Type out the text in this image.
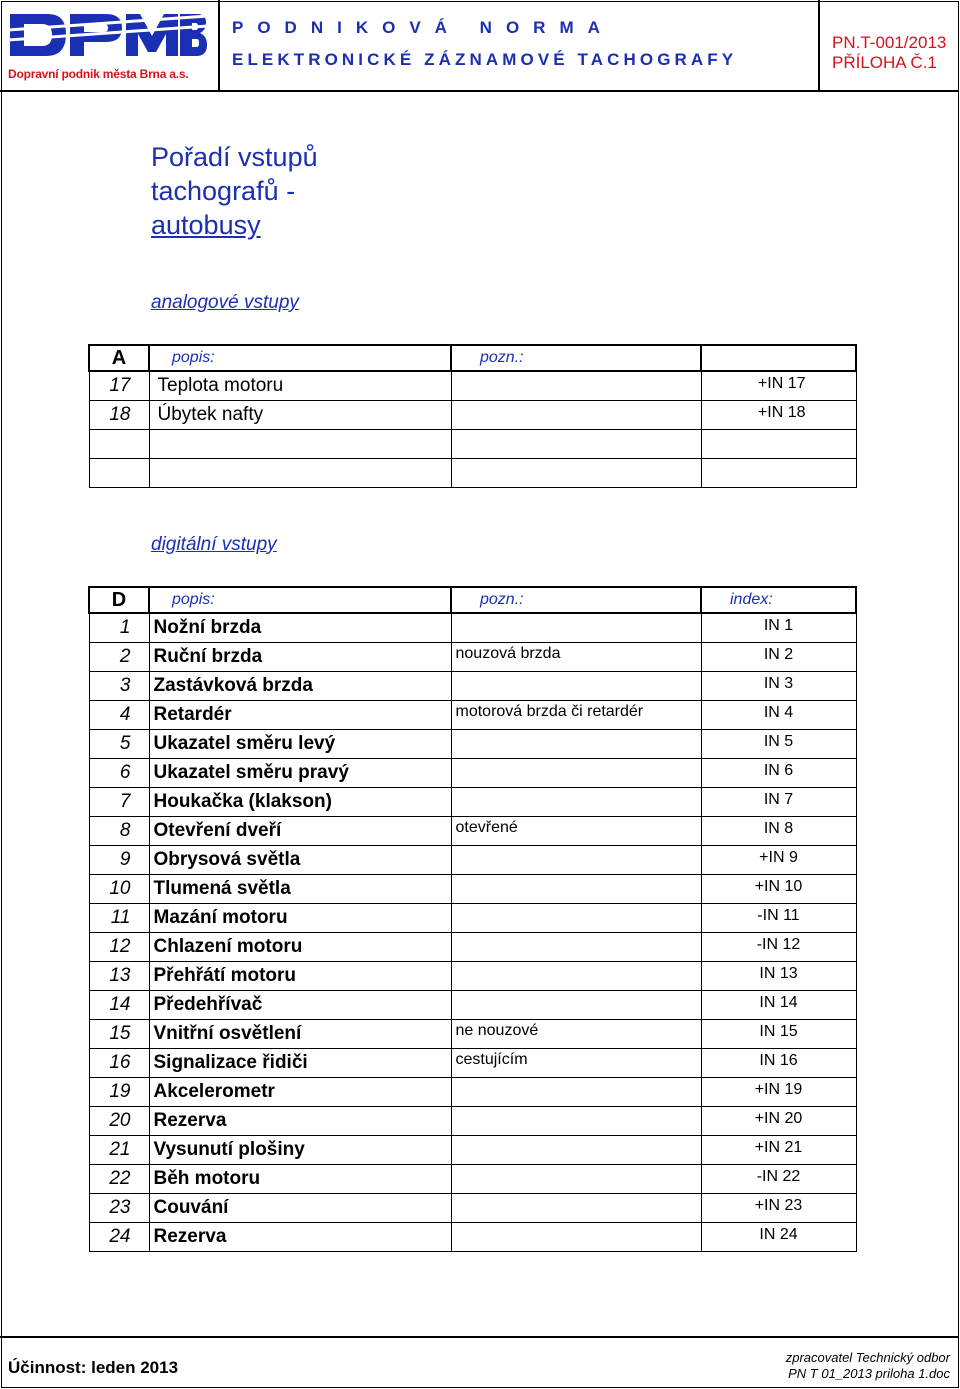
Dopravní podnik města Brna a.s.
PODNIKOVÁ NORMA
ELEKTRONICKÉ ZÁZNAMOVÉ TACHOGRAFY
PN.T-001/2013
PŘÍLOHA Č.1
Pořadí vstupů
tachografů -
autobusy
analogové vstupy
A	popis:	pozn.:	
17	Teplota motoru		+IN 17
18	Úbytek nafty		+IN 18

digitální vstupy
D	popis:	pozn.:	index:
1	Nožní brzda		IN 1
2	Ruční brzda	nouzová brzda	IN 2
3	Zastávková brzda		IN 3
4	Retardér	motorová brzda či retardér	IN 4
5	Ukazatel směru levý		IN 5
6	Ukazatel směru pravý		IN 6
7	Houkačka (klakson)		IN 7
8	Otevření dveří	otevřené	IN 8
9	Obrysová světla		+IN 9
10	Tlumená světla		+IN 10
11	Mazání motoru		-IN 11
12	Chlazení motoru		-IN 12
13	Přehřátí motoru		IN 13
14	Předehřívač		IN 14
15	Vnitřní osvětlení	ne nouzové	IN 15
16	Signalizace řidiči	cestujícím	IN 16
19	Akcelerometr		+IN 19
20	Rezerva		+IN 20
21	Vysunutí plošiny		+IN 21
22	Běh motoru		-IN 22
23	Couvání		+IN 23
24	Rezerva		IN 24
Účinnost: leden 2013
zpracovatel Technický odbor
PN T 01_2013 priloha 1.doc
